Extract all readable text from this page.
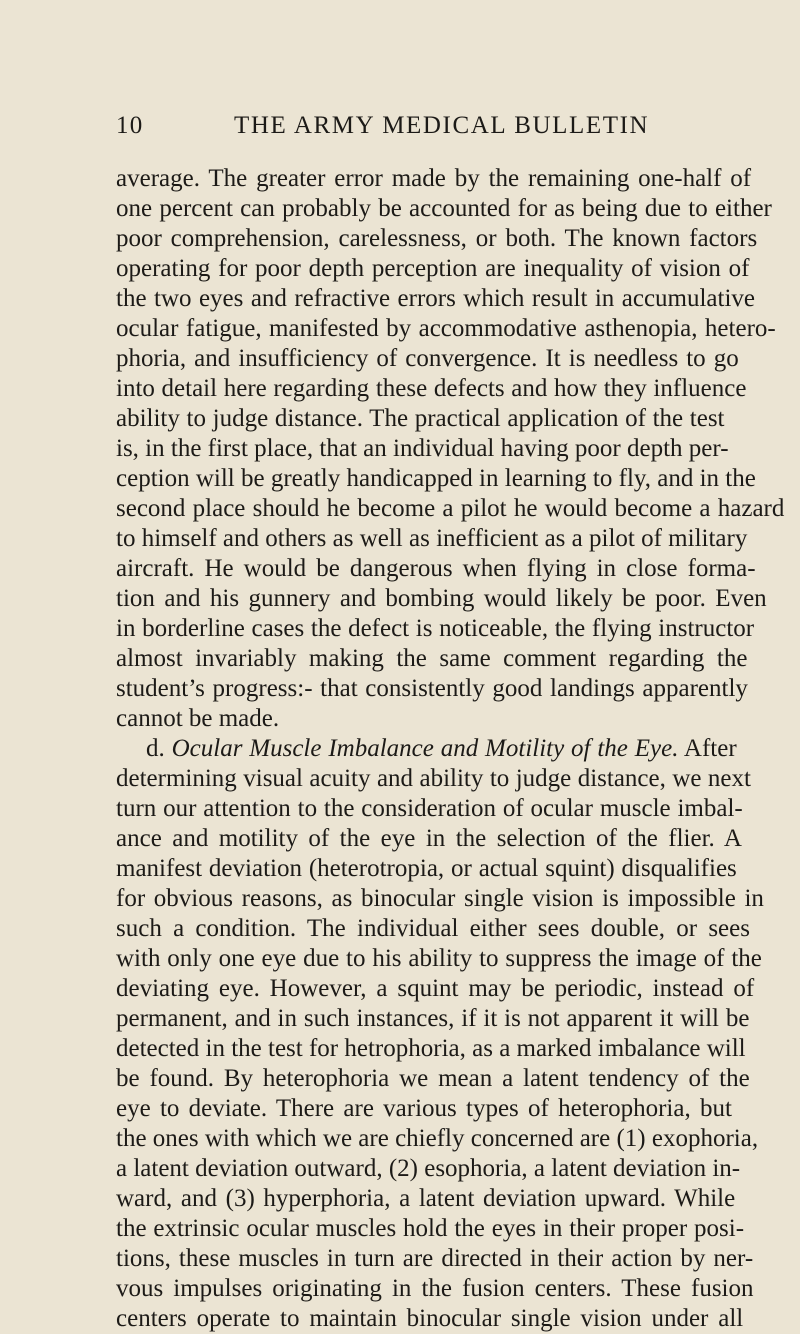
10	THE ARMY MEDICAL BULLETIN
average. The greater error made by the remaining one-half of
one percent can probably be accounted for as being due to either
poor comprehension, carelessness, or both. The known factors
operating for poor depth perception are inequality of vision of
the two eyes and refractive errors which result in accumulative
ocular fatigue, manifested by accommodative asthenopia, hetero-
phoria, and insufficiency of convergence. It is needless to go
into detail here regarding these defects and how they influence
ability to judge distance. The practical application of the test
is, in the first place, that an individual having poor depth per-
ception will be greatly handicapped in learning to fly, and in the
second place should he become a pilot he would become a hazard
to himself and others as well as inefficient as a pilot of military
aircraft. He would be dangerous when flying in close forma-
tion and his gunnery and bombing would likely be poor. Even
in borderline cases the defect is noticeable, the flying instructor
almost invariably making the same comment regarding the
student’s progress:- that consistently good landings apparently
cannot be made.
d. Ocular Muscle Imbalance and Motility of the Eye. After
determining visual acuity and ability to judge distance, we next
turn our attention to the consideration of ocular muscle imbal-
ance and motility of the eye in the selection of the flier. A
manifest deviation (heterotropia, or actual squint) disqualifies
for obvious reasons, as binocular single vision is impossible in
such a condition. The individual either sees double, or sees
with only one eye due to his ability to suppress the image of the
deviating eye. However, a squint may be periodic, instead of
permanent, and in such instances, if it is not apparent it will be
detected in the test for hetrophoria, as a marked imbalance will
be found. By heterophoria we mean a latent tendency of the
eye to deviate. There are various types of heterophoria, but
the ones with which we are chiefly concerned are (1) exophoria,
a latent deviation outward, (2) esophoria, a latent deviation in-
ward, and (3) hyperphoria, a latent deviation upward. While
the extrinsic ocular muscles hold the eyes in their proper posi-
tions, these muscles in turn are directed in their action by ner-
vous impulses originating in the fusion centers. These fusion
centers operate to maintain binocular single vision under all
